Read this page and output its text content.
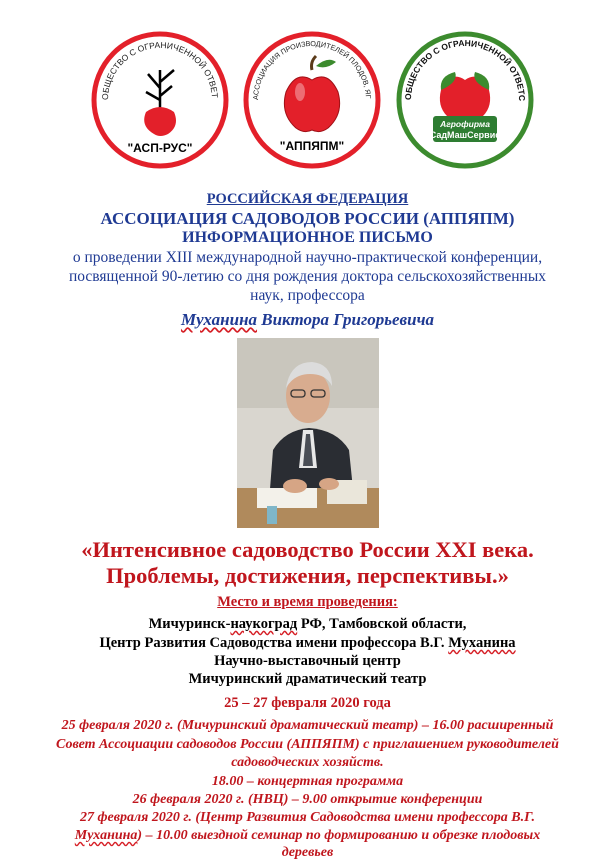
ОБЩЕСТВО С ОГРАНИЧЕННОЙ ОТВЕТ
"АСП-РУС"
АССОЦИАЦИЯ ПРОИЗВОДИТЕЛЕЙ ПЛОДОВ, ЯГ
"АППЯПМ"
ОБЩЕСТВО С ОГРАНИЧЕННОЙ ОТВЕТС
Агрофирма
СадМашСервис
РОССИЙСКАЯ ФЕДЕРАЦИЯ
АССОЦИАЦИЯ САДОВОДОВ РОССИИ (АППЯПМ)
ИНФОРМАЦИОННОЕ ПИСЬМО
о проведении XIII международной научно-практической конференции,
посвященной 90-летию со дня рождения доктора сельскохозяйственных
наук, профессора
Муханина Виктора Григорьевича
«Интенсивное садоводство России XXI века.
Проблемы, достижения, перспективы.»
Место и время проведения:
Мичуринск-наукоград РФ, Тамбовской области,
Центр Развития Садоводства имени профессора В.Г. Муханина
Научно-выставочный центр
Мичуринский драматический театр
25 – 27 февраля 2020 года
25 февраля 2020 г. (Мичуринский драматический театр) – 16.00 расширенный
Совет Ассоциации садоводов России (АППЯПМ) с приглашением руководителей
садоводческих хозяйств.
18.00 – концертная программа
26 февраля 2020 г. (НВЦ) – 9.00 открытие конференции
27 февраля 2020 г. (Центр Развития Садоводства имени профессора В.Г.
Муханина) – 10.00 выездной семинар по формированию и обрезке плодовых
деревьев
